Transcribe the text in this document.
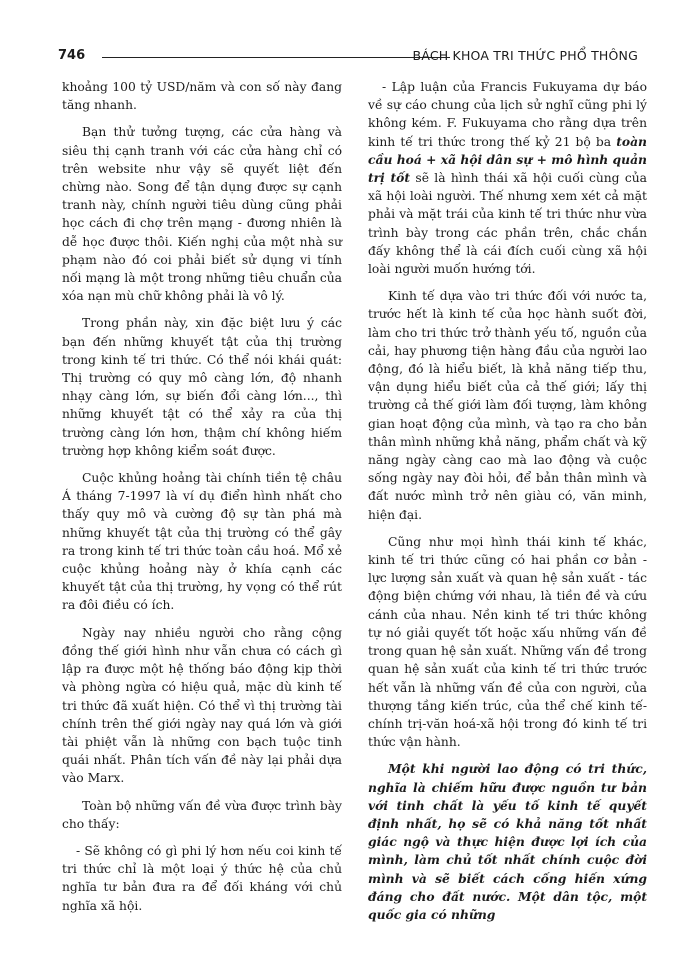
746	BÁCH KHOA TRI THỨC PHỔ THÔNG

khoảng 100 tỷ USD/năm và con số này đang tăng nhanh.

Bạn thử tưởng tượng, các cửa hàng và siêu thị cạnh tranh với các cửa hàng chỉ có trên website như vậy sẽ quyết liệt đến chừng nào. Song để tận dụng được sự cạnh tranh này, chính người tiêu dùng cũng phải học cách đi chợ trên mạng - đương nhiên là dễ học được thôi. Kiến nghị của một nhà sư phạm nào đó coi phải biết sử dụng vi tính nối mạng là một trong những tiêu chuẩn của xóa nạn mù chữ không phải là vô lý.

Trong phần này, xin đặc biệt lưu ý các bạn đến những khuyết tật của thị trường trong kinh tế tri thức. Có thể nói khái quát: Thị trường có quy mô càng lớn, độ nhanh nhạy càng lớn, sự biến đổi càng lớn..., thì những khuyết tật có thể xảy ra của thị trường càng lớn hơn, thậm chí không hiếm trường hợp không kiểm soát được.

Cuộc khủng hoảng tài chính tiền tệ châu Á tháng 7-1997 là ví dụ điển hình nhất cho thấy quy mô và cường độ sự tàn phá mà những khuyết tật của thị trường có thể gây ra trong kinh tế tri thức toàn cầu hoá. Mổ xẻ cuộc khủng hoảng này ở khía cạnh các khuyết tật của thị trường, hy vọng có thể rút ra đôi điều có ích.

Ngày nay nhiều người cho rằng cộng đồng thế giới hình như vẫn chưa có cách gì lập ra được một hệ thống báo động kịp thời và phòng ngừa có hiệu quả, mặc dù kinh tế tri thức đã xuất hiện. Có thể vì thị trường tài chính trên thế giới ngày nay quá lớn và giới tài phiệt vẫn là những con bạch tuộc tinh quái nhất. Phân tích vấn đề này lại phải dựa vào Marx.

Toàn bộ những vấn đề vừa được trình bày cho thấy:

- Sẽ không có gì phi lý hơn nếu coi kinh tế tri thức chỉ là một loại ý thức hệ của chủ nghĩa tư bản đưa ra để đối kháng với chủ nghĩa xã hội.

- Lập luận của Francis Fukuyama dự báo về sự cáo chung của lịch sử nghĩ cũng phi lý không kém. F. Fukuyama cho rằng dựa trên kinh tế tri thức trong thế kỷ 21 bộ ba toàn cầu hoá + xã hội dân sự + mô hình quản trị tốt sẽ là hình thái xã hội cuối cùng của xã hội loài người. Thế nhưng xem xét cả mặt phải và mặt trái của kinh tế tri thức như vừa trình bày trong các phần trên, chắc chắn đấy không thể là cái đích cuối cùng xã hội loài người muốn hướng tới.

Kinh tế dựa vào tri thức đối với nước ta, trước hết là kinh tế của học hành suốt đời, làm cho tri thức trở thành yếu tố, nguồn của cải, hay phương tiện hàng đầu của người lao động, đó là hiểu biết, là khả năng tiếp thu, vận dụng hiểu biết của cả thế giới; lấy thị trường cả thế giới làm đối tượng, làm không gian hoạt động của mình, và tạo ra cho bản thân mình những khả năng, phẩm chất và kỹ năng ngày càng cao mà lao động và cuộc sống ngày nay đòi hỏi, để bản thân mình và đất nước mình trở nên giàu có, văn minh, hiện đại.

Cũng như mọi hình thái kinh tế khác, kinh tế tri thức cũng có hai phần cơ bản - lực lượng sản xuất và quan hệ sản xuất - tác động biện chứng với nhau, là tiền đề và cứu cánh của nhau. Nền kinh tế tri thức không tự nó giải quyết tốt hoặc xấu những vấn đề trong quan hệ sản xuất. Những vấn đề trong quan hệ sản xuất của kinh tế tri thức trước hết vẫn là những vấn đề của con người, của thượng tầng kiến trúc, của thể chế kinh tế-chính trị-văn hoá-xã hội trong đó kinh tế tri thức vận hành.

Một khi người lao động có tri thức, nghĩa là chiếm hữu được nguồn tư bản với tinh chất là yếu tố kinh tế quyết định nhất, họ sẽ có khả năng tốt nhất giác ngộ và thực hiện được lợi ích của mình, làm chủ tốt nhất chính cuộc đời mình và sẽ biết cách cống hiến xứng đáng cho đất nước. Một dân tộc, một quốc gia có những
